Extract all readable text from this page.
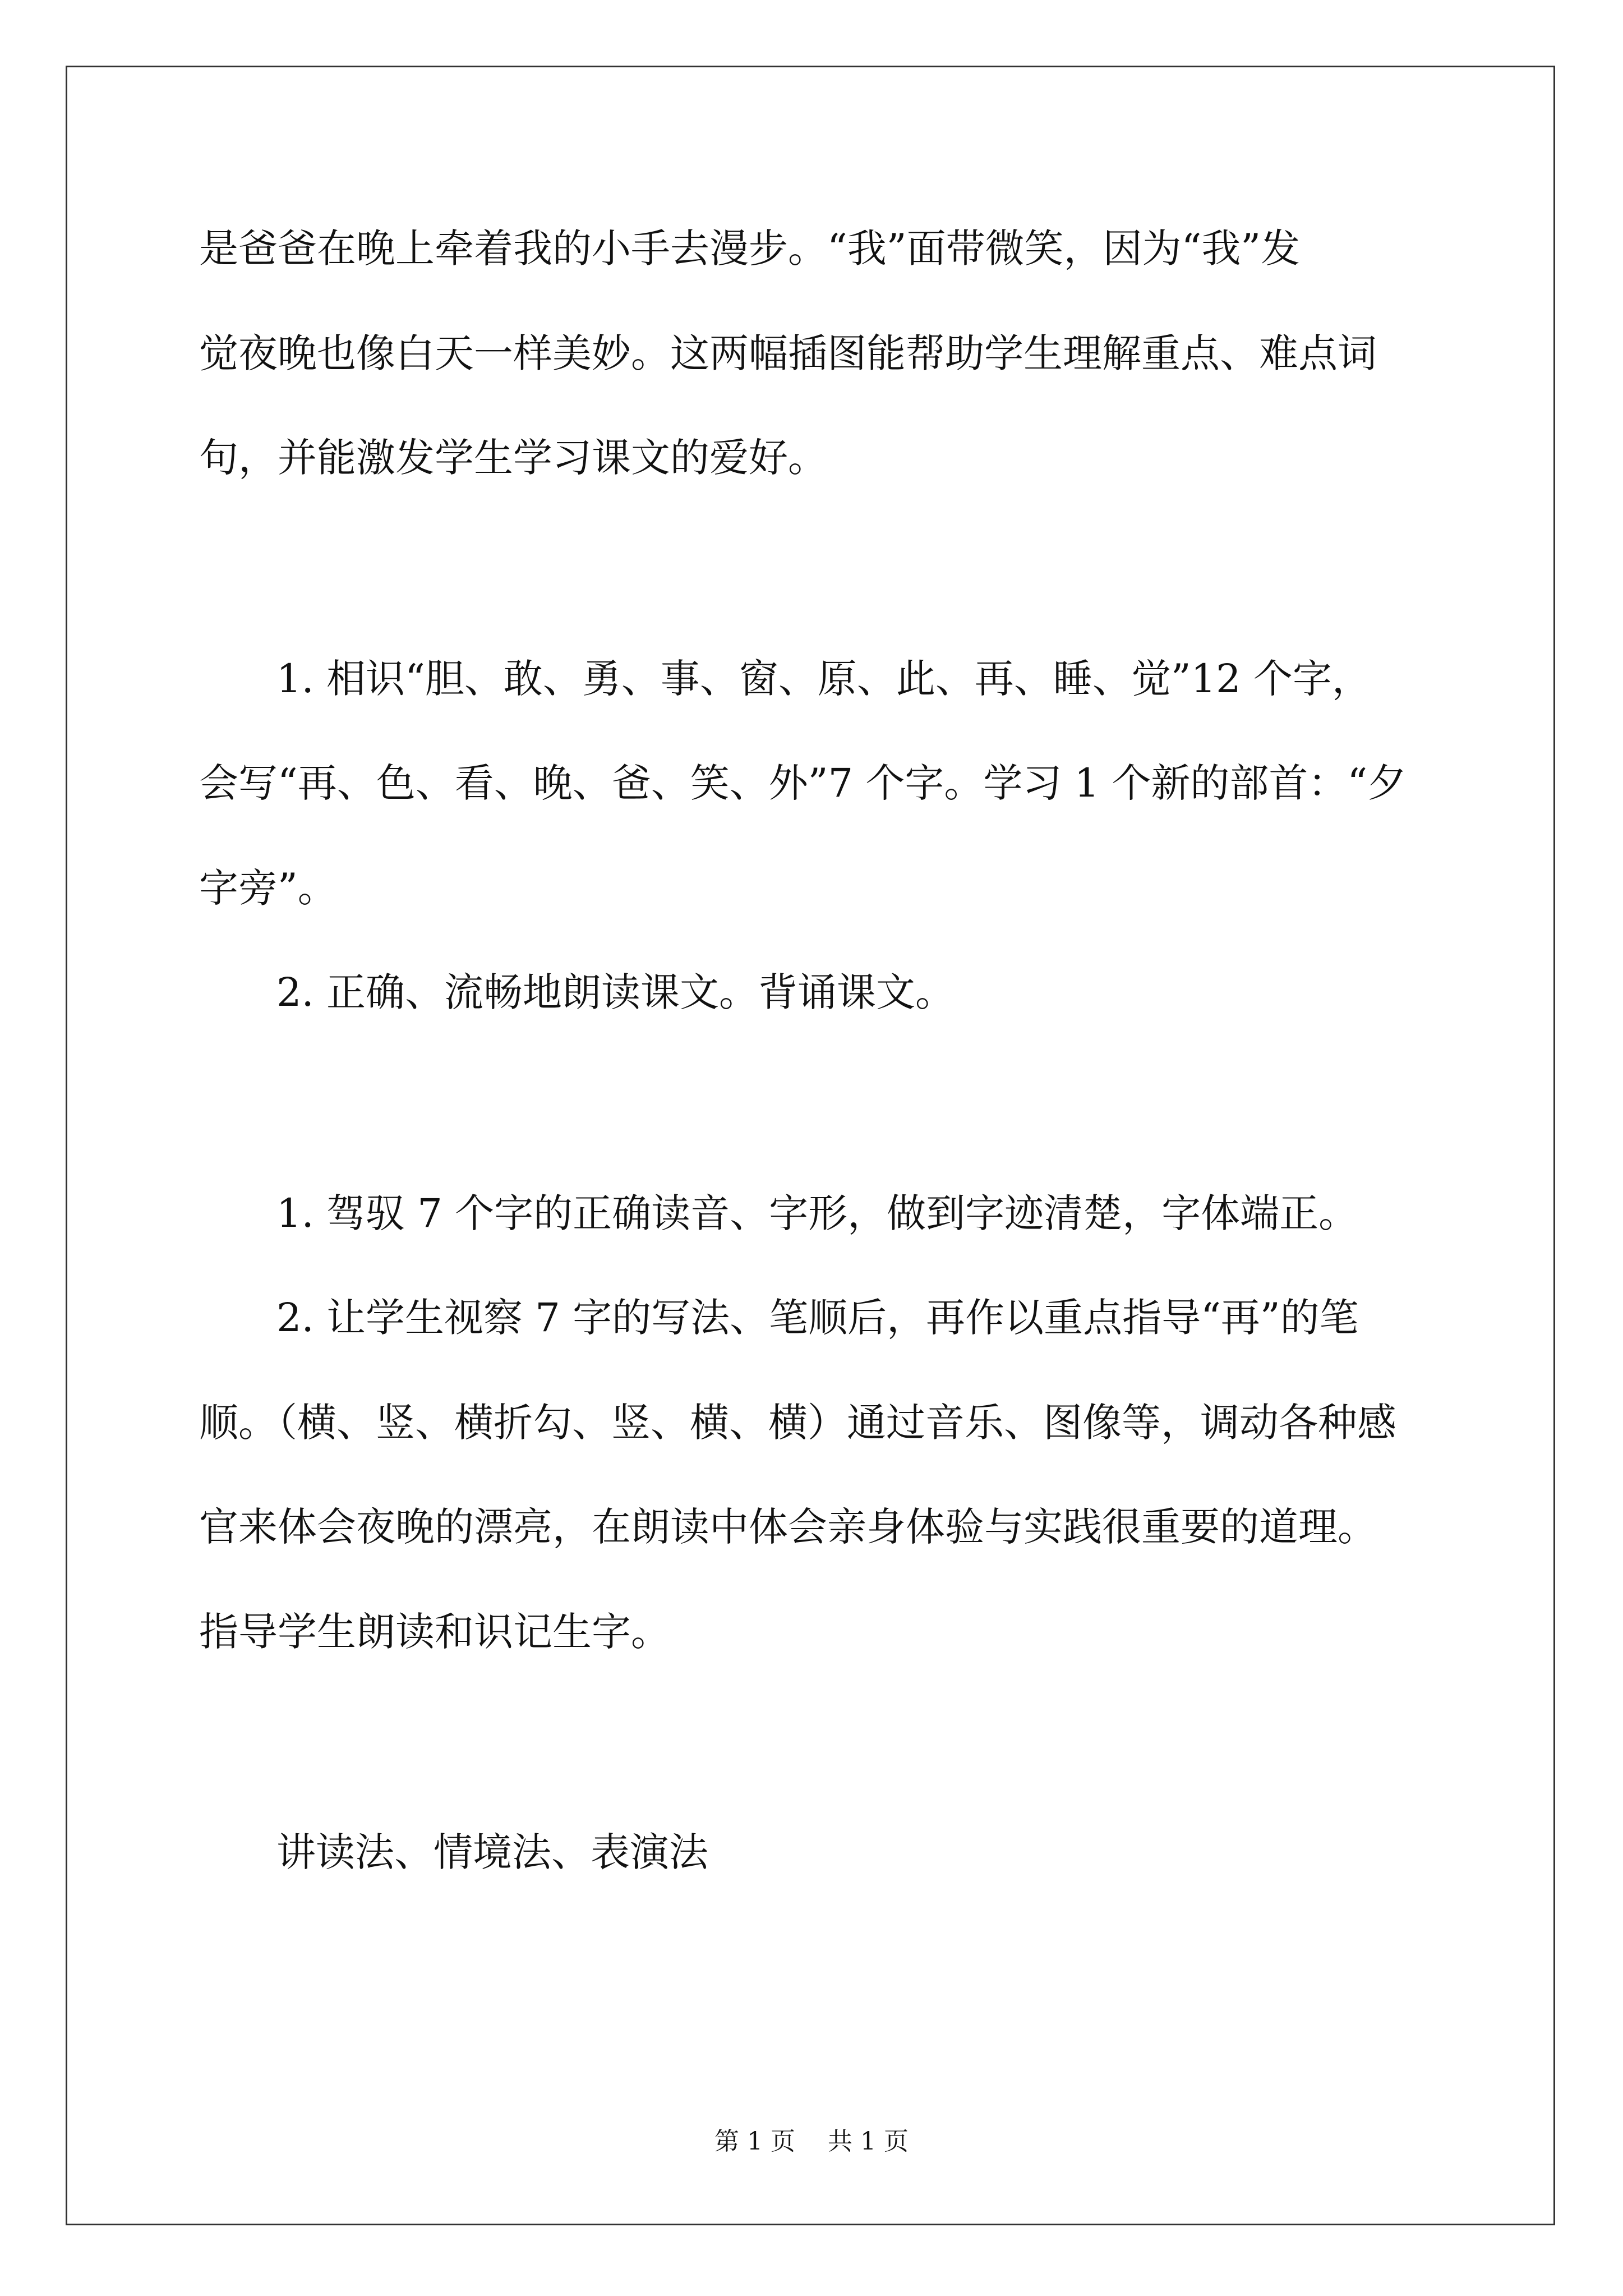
是爸爸在晚上牵着我的小手去漫步。“我”面带微笑，因为“我”发
觉夜晚也像白天一样美妙。这两幅插图能帮助学生理解重点、难点词
句，并能激发学生学习课文的爱好。
1. 相识“胆、敢、勇、事、窗、原、此、再、睡、觉”12 个字，
会写“再、色、看、晚、爸、笑、外”7 个字。学习 1 个新的部首：“夕
字旁”。
2. 正确、流畅地朗读课文。背诵课文。
1. 驾驭 7 个字的正确读音、字形，做到字迹清楚，字体端正。
2. 让学生视察 7 字的写法、笔顺后，再作以重点指导“再”的笔
顺。（横、竖、横折勾、竖、横、横）通过音乐、图像等，调动各种感
官来体会夜晚的漂亮，在朗读中体会亲身体验与实践很重要的道理。
指导学生朗读和识记生字。
讲读法、情境法、表演法
第 1 页　 共 1 页
